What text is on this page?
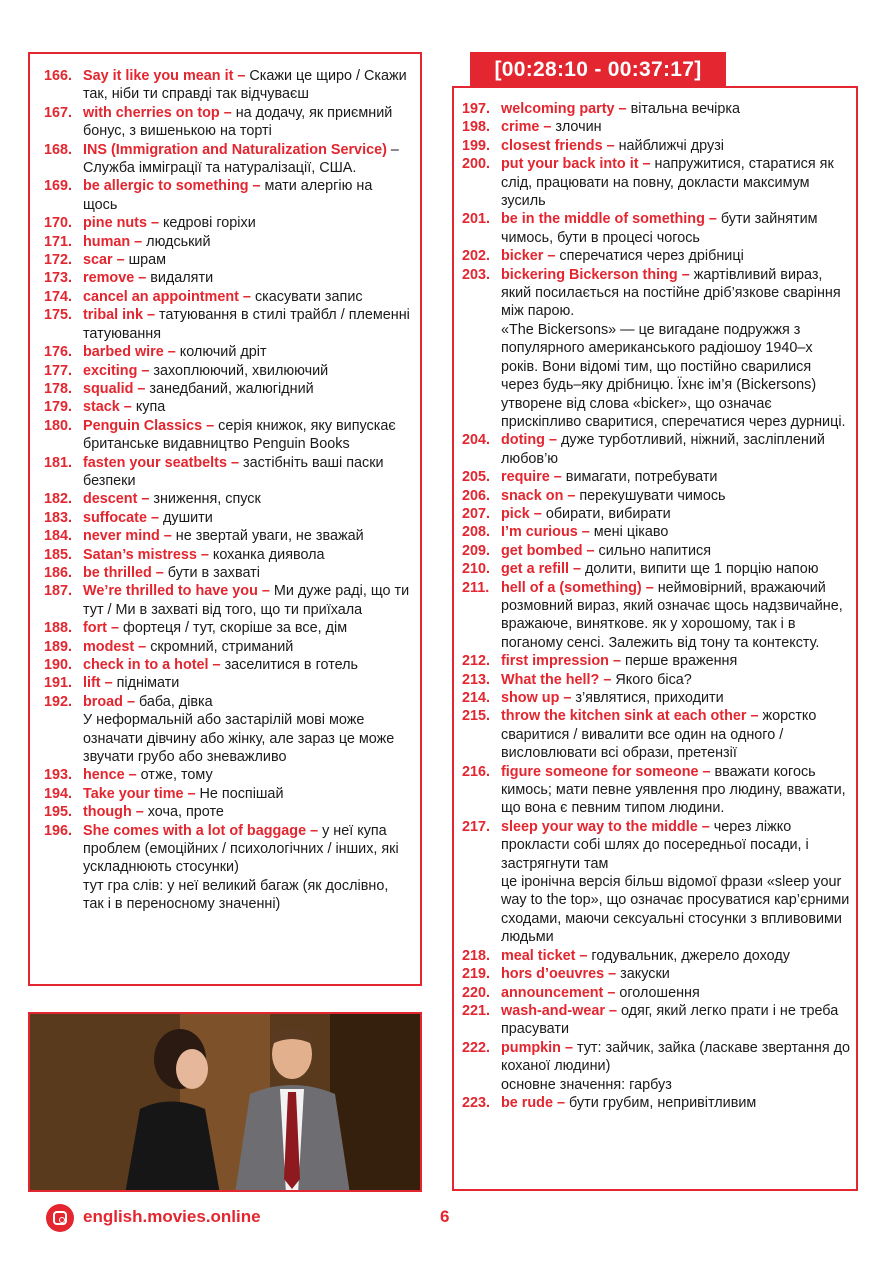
166. Say it like you mean it – Скажи це щиро / Скажи так, ніби ти справді так відчуваєш
167. with cherries on top – на додачу, як приємний бонус, з вишенькою на торті
168. INS (Immigration and Naturalization Service) – Служба імміграції та натуралізації, США.
169. be allergic to something – мати алергію на щось
170. pine nuts – кедрові горіхи
171. human – людський
172. scar – шрам
173. remove – видаляти
174. cancel an appointment – скасувати запис
175. tribal ink – татуювання в стилі трайбл / племенні татуювання
176. barbed wire – колючий дріт
177. exciting – захоплюючий, хвилюючий
178. squalid – занедбаний, жалюгідний
179. stack – купа
180. Penguin Classics – серія книжок, яку випускає британське видавництво Penguin Books
181. fasten your seatbelts – застібніть ваші паски безпеки
182. descent – зниження, спуск
183. suffocate – душити
184. never mind – не звертай уваги, не зважай
185. Satan’s mistress – коханка диявола
186. be thrilled – бути в захваті
187. We’re thrilled to have you – Ми дуже раді, що ти тут / Ми в захваті від того, що ти приїхала
188. fort – фортеця / тут, скоріше за все, дім
189. modest – скромний, стриманий
190. check in to a hotel – заселитися в готель
191. lift – піднімати
192. broad – баба, дівка
У неформальній або застарілій мові може означати дівчину або жінку, але зараз це може звучати грубо або зневажливо
193. hence – отже, тому
194. Take your time – Не поспішай
195. though – хоча, проте
196. She comes with a lot of baggage – у неї купа проблем (емоційних / психологічних / інших, які ускладнюють стосунки)
тут гра слів: у неї великий багаж (як дослівно, так і в переносному значенні)
[00:28:10 - 00:37:17]
197. welcoming party – вітальна вечірка
198. crime – злочин
199. closest friends – найближчі друзі
200. put your back into it – напружитися, старатися як слід, працювати на повну, докласти максимум зусиль
201. be in the middle of something – бути зайнятим чимось, бути в процесі чогось
202. bicker – сперечатися через дрібниці
203. bickering Bickerson thing – жартівливий вираз, який посилається на постійне дріб’язкове сваріння між парою.
«The Bickersons» — це вигадане подружжя з популярного американського радіошоу 1940–х років. Вони відомі тим, що постійно сварилися через будь–яку дрібницю. Їхнє ім’я (Bickersons) утворене від слова «bicker», що означає прискіпливо сваритися, сперечатися через дурниці.
204. doting – дуже турботливий, ніжний, засліплений любов’ю
205. require – вимагати, потребувати
206. snack on – перекушувати чимось
207. pick – обирати, вибирати
208. I’m curious – мені цікаво
209. get bombed – сильно напитися
210. get a refill – долити, випити ще 1 порцію напою
211. hell of a (something) – неймовірний, вражаючий розмовний вираз, який означає щось надзвичайне, вражаюче, виняткове. як у хорошому, так і в поганому сенсі. Залежить від тону та контексту.
212. first impression – перше враження
213. What the hell? – Якого біса?
214. show up – з’являтися, приходити
215. throw the kitchen sink at each other – жорстко сваритися / вивалити все один на одного / висловлювати всі образи, претензії
216. figure someone for someone – вважати когось кимось; мати певне уявлення про людину, вважати, що вона є певним типом людини.
217. sleep your way to the middle – через ліжко прокласти собі шлях до посередньої посади, і застрягнути там
це іронічна версія більш відомої фрази «sleep your way to the top», що означає просуватися кар’єрними сходами, маючи сексуальні стосунки з впливовими людьми
218. meal ticket – годувальник, джерело доходу
219. hors d’oeuvres – закуски
220. announcement – оголошення
221. wash-and-wear – одяг, який легко прати і не треба прасувати
222. pumpkin – тут: зайчик, зайка (ласкаве звертання до коханої людини)
основне значення: гарбуз
223. be rude – бути грубим, непривітливим
english.movies.online	6
